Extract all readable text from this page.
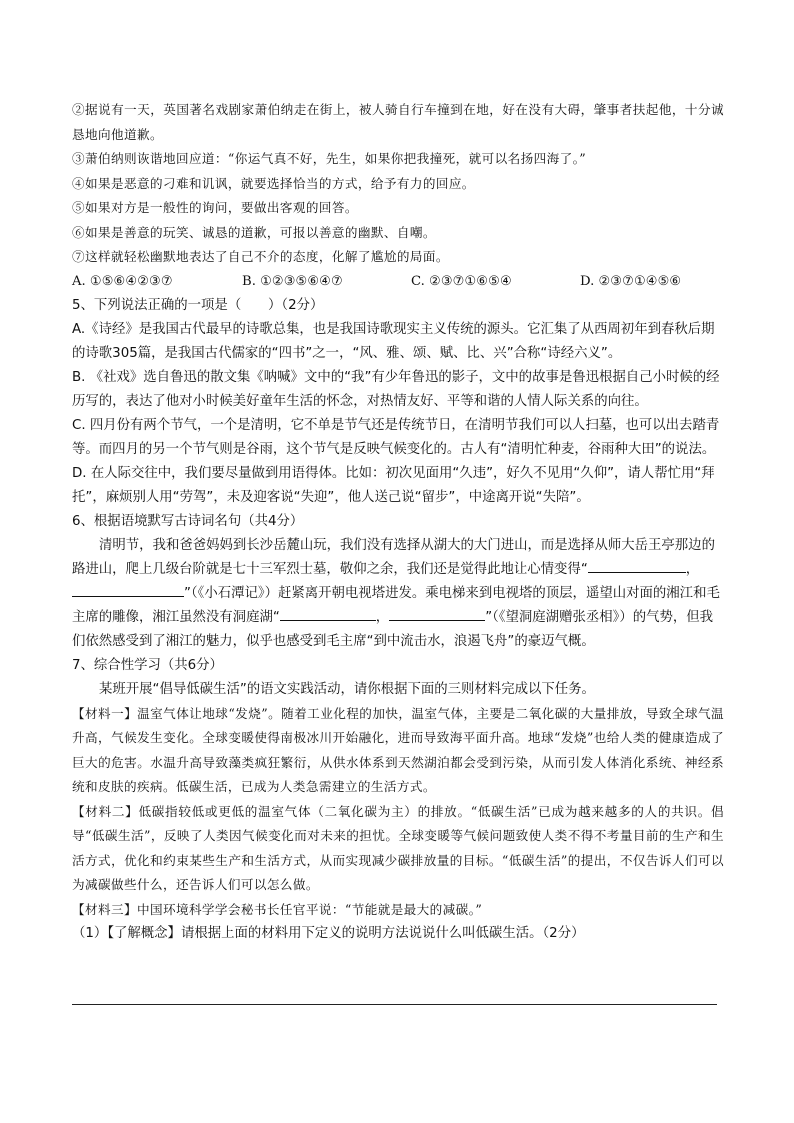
②据说有一天，英国著名戏剧家萧伯纳走在街上，被人骑自行车撞到在地，好在没有大碍，肇事者扶起他，十分诚恳地向他道歉。

③萧伯纳则诙谐地回应道：“你运气真不好，先生，如果你把我撞死，就可以名扬四海了。”

④如果是恶意的刁难和讥讽，就要选择恰当的方式，给予有力的回应。

⑤如果对方是一般性的询问，要做出客观的回答。

⑥如果是善意的玩笑、诚恳的道歉，可报以善意的幽默、自嘲。

⑦这样就轻松幽默地表达了自己不介的态度，化解了尴尬的局面。

A. ①⑤⑥④②③⑦	B. ①②③⑤⑥④⑦	C. ②③⑦①⑥⑤④	D. ②③⑦①④⑤⑥

5、下列说法正确的一项是（　　）（2分）

A.《诗经》是我国古代最早的诗歌总集，也是我国诗歌现实主义传统的源头。它汇集了从西周初年到春秋后期的诗歌305篇，是我国古代儒家的“四书”之一，“风、雅、颂、赋、比、兴”合称“诗经六义”。

B. 《社戏》选自鲁迅的散文集《呐喊》文中的“我”有少年鲁迅的影子，文中的故事是鲁迅根据自己小时候的经历写的，表达了他对小时候美好童年生活的怀念，对热情友好、平等和谐的人情人际关系的向往。

C. 四月份有两个节气，一个是清明，它不单是节气还是传统节日，在清明节我们可以人扫墓，也可以出去踏青等。而四月的另一个节气则是谷雨，这个节气是反映气候变化的。古人有“清明忙种麦，谷雨种大田”的说法。

D. 在人际交往中，我们要尽量做到用语得体。比如：初次见面用“久违”，好久不见用“久仰”，请人帮忙用“拜托”，麻烦别人用“劳驾”，未及迎客说“失迎”，他人送己说“留步”，中途离开说“失陪”。

6、根据语境默写古诗词名句（共4分）

清明节，我和爸爸妈妈到长沙岳麓山玩，我们没有选择从湖大的大门进山，而是选择从师大岳王亭那边的路进山，爬上几级台阶就是七十三军烈士墓，敬仰之余，我们还是觉得此地让心情变得“	，”（《小石潭记》）赶紧离开朝电视塔进发。乘电梯来到电视塔的顶层，遥望山对面的湘江和毛主席的雕像，湘江虽然没有洞庭湖“	，	”（《望洞庭湖赠张丞相》）的气势，但我们依然感受到了湘江的魅力，似乎也感受到毛主席“到中流击水，浪遏飞舟”的豪迈气概。

7、综合性学习（共6分）

某班开展“倡导低碳生活”的语文实践活动，请你根据下面的三则材料完成以下任务。

【材料一】温室气体让地球“发烧”。随着工业化程的加快，温室气体，主要是二氧化碳的大量排放，导致全球气温升高，气候发生变化。全球变暖使得南极冰川开始融化，进而导致海平面升高。地球“发烧”也给人类的健康造成了巨大的危害。水温升高导致藻类疯狂繁衍，从供水体系到天然湖泊都会受到污染，从而引发人体消化系统、神经系统和皮肤的疾病。低碳生活，已成为人类急需建立的生活方式。

【材料二】低碳指较低或更低的温室气体（二氧化碳为主）的排放。“低碳生活”已成为越来越多的人的共识。倡导“低碳生活”，反映了人类因气候变化而对未来的担忧。全球变暖等气候问题致使人类不得不考量目前的生产和生活方式，优化和约束某些生产和生活方式，从而实现减少碳排放量的目标。“低碳生活”的提出，不仅告诉人们可以为减碳做些什么，还告诉人们可以怎么做。

【材料三】中国环境科学学会秘书长任官平说：“节能就是最大的减碳。”

（1）【了解概念】请根据上面的材料用下定义的说明方法说说什么叫低碳生活。（2分）
